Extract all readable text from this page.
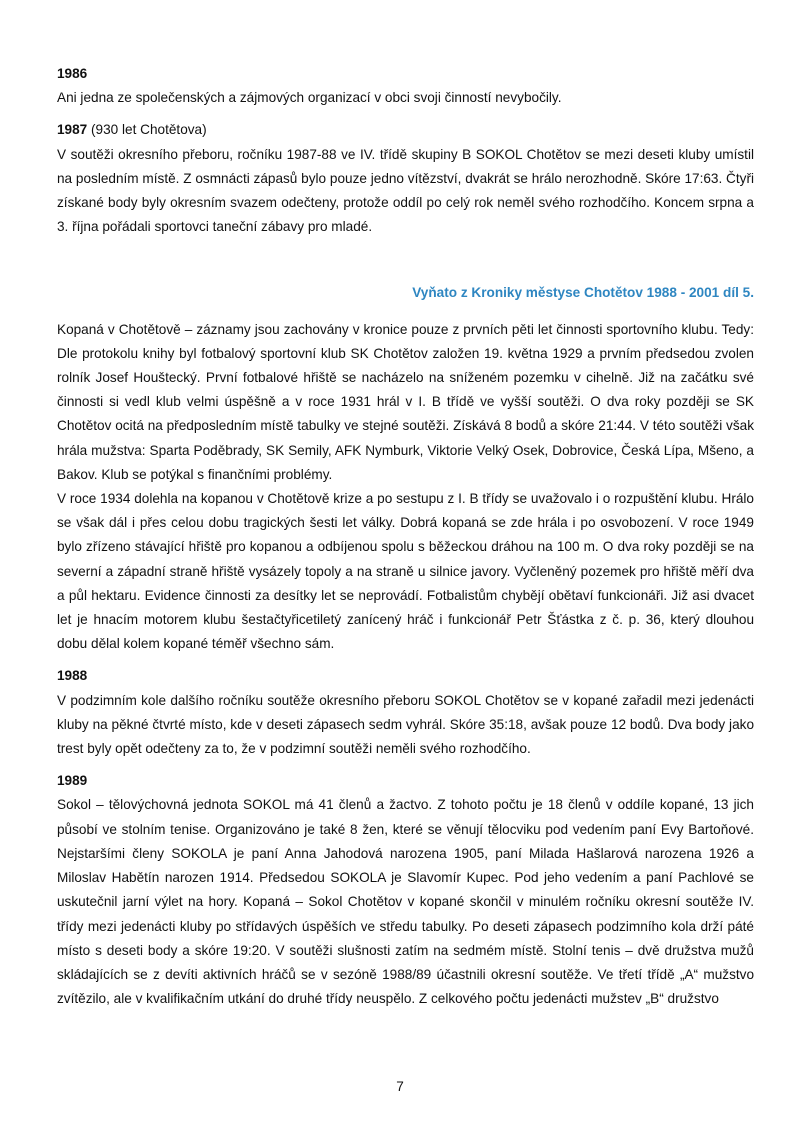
1986

Ani jedna ze společenských a zájmových organizací v obci svoji činností nevybočily.

1987 (930 let Chotětova)

V soutěži okresního přeboru, ročníku 1987-88 ve IV. třídě skupiny B SOKOL Chotětov se mezi deseti kluby umístil na posledním místě. Z osmnácti zápasů bylo pouze jedno vítězství, dvakrát se hrálo nerozhodně. Skóre 17:63. Čtyři získané body byly okresním svazem odečteny, protože oddíl po celý rok neměl svého rozhodčího. Koncem srpna a 3. října pořádali sportovci taneční zábavy pro mladé.

Vyňato z Kroniky městyse Chotětov 1988 - 2001 díl 5.

Kopaná v Chotětově – záznamy jsou zachovány v kronice pouze z prvních pěti let činnosti sportovního klubu. Tedy: Dle protokolu knihy byl fotbalový sportovní klub SK Chotětov založen 19. května 1929 a prvním předsedou zvolen rolník Josef Houštecký. První fotbalové hřiště se nacházelo na sníženém pozemku v cihelně. Již na začátku své činnosti si vedl klub velmi úspěšně a v roce 1931 hrál v I. B třídě ve vyšší soutěži. O dva roky později se SK Chotětov ocitá na předposledním místě tabulky ve stejné soutěži. Získává 8 bodů a skóre 21:44. V této soutěži však hrála mužstva: Sparta Poděbrady, SK Semily, AFK Nymburk, Viktorie Velký Osek, Dobrovice, Česká Lípa, Mšeno, a Bakov. Klub se potýkal s finančními problémy.

V roce 1934 dolehla na kopanou v Chotětově krize a po sestupu z I. B třídy se uvažovalo i o rozpuštění klubu. Hrálo se však dál i přes celou dobu tragických šesti let války. Dobrá kopaná se zde hrála i po osvobození. V roce 1949 bylo zřízeno stávající hřiště pro kopanou a odbíjenou spolu s běžeckou dráhou na 100 m. O dva roky později se na severní a západní straně hřiště vysázely topoly a na straně u silnice javory. Vyčleněný pozemek pro hřiště měří dva a půl hektaru. Evidence činnosti za desítky let se neprovádí. Fotbalistům chybějí obětaví funkcionáři. Již asi dvacet let je hnacím motorem klubu šestačtyřicetiletý zanícený hráč i funkcionář Petr Šťástka z č. p. 36, který dlouhou dobu dělal kolem kopané téměř všechno sám.

1988

V podzimním kole dalšího ročníku soutěže okresního přeboru SOKOL Chotětov se v kopané zařadil mezi jedenácti kluby na pěkné čtvrté místo, kde v deseti zápasech sedm vyhrál. Skóre 35:18, avšak pouze 12 bodů. Dva body jako trest byly opět odečteny za to, že v podzimní soutěži neměli svého rozhodčího.

1989

Sokol – tělovýchovná jednota SOKOL má 41 členů a žactvo. Z tohoto počtu je 18 členů v oddíle kopané, 13 jich působí ve stolním tenise. Organizováno je také 8 žen, které se věnují tělocviku pod vedením paní Evy Bartoňové. Nejstaršími členy SOKOLA je paní Anna Jahodová narozena 1905, paní Milada Hašlarová narozena 1926 a Miloslav Habětín narozen 1914. Předsedou SOKOLA je Slavomír Kupec. Pod jeho vedením a paní Pachlové se uskutečnil jarní výlet na hory. Kopaná – Sokol Chotětov v kopané skončil v minulém ročníku okresní soutěže IV. třídy mezi jedenácti kluby po střídavých úspěších ve středu tabulky. Po deseti zápasech podzimního kola drží páté místo s deseti body a skóre 19:20. V soutěži slušnosti zatím na sedmém místě. Stolní tenis – dvě družstva mužů skládajících se z devíti aktivních hráčů se v sezóně 1988/89 účastnili okresní soutěže. Ve třetí třídě „A“ mužstvo zvítězilo, ale v kvalifikačním utkání do druhé třídy neuspělo. Z celkového počtu jedenácti mužstev „B“ družstvo

7
